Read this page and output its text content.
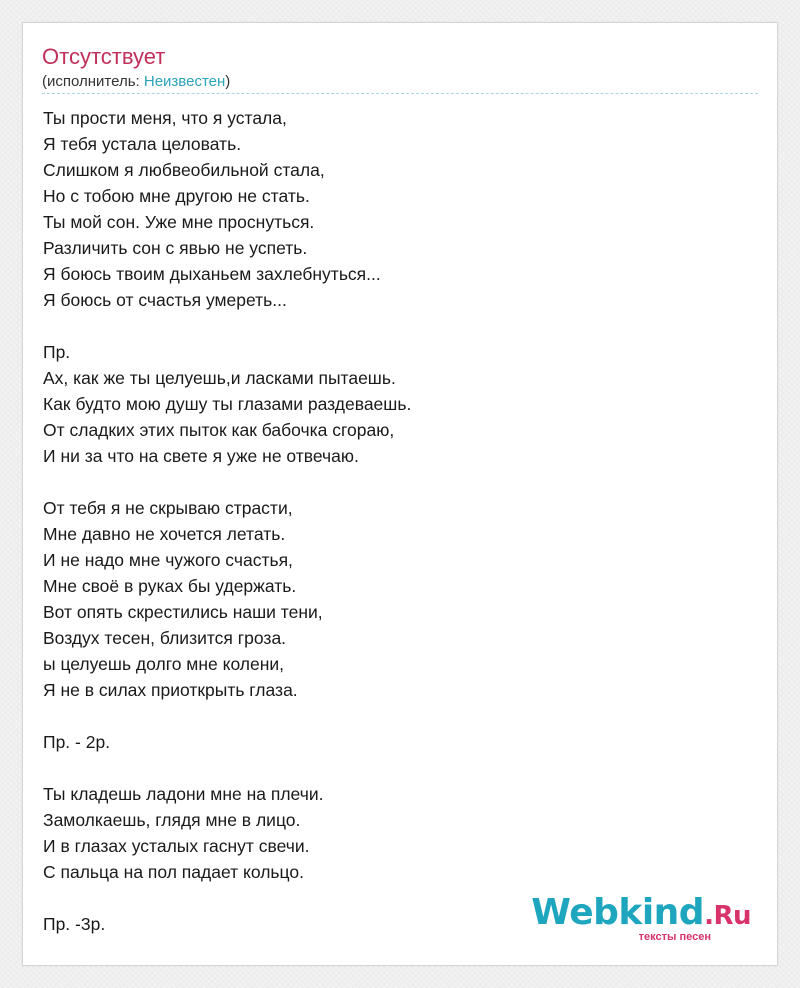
Отсутствует
(исполнитель: Неизвестен)
Ты прости меня, что я устала,
Я тебя устала целовать.
Слишком я любвеобильной стала,
Но с тобою мне другою не стать.
Ты мой сон. Уже мне проснуться.
Различить сон с явью не успеть.
Я боюсь твоим дыханьем захлебнуться...
Я боюсь от счастья умереть...
Пр.
Ах, как же ты целуешь,и ласками пытаешь.
Как будто мою душу ты глазами раздеваешь.
От сладких этих пыток как бабочка сгораю,
И ни за что на свете я уже не отвечаю.
От тебя я не скрываю страсти,
Мне давно не хочется летать.
И не надо мне чужого счастья,
Мне своё в руках бы удержать.
Вот опять скрестились наши тени,
Воздух тесен, близится гроза.
ы целуешь долго мне колени,
Я не в силах приоткрыть глаза.
Пр. - 2р.
Ты кладешь ладони мне на плечи.
Замолкаешь, глядя мне в лицо.
И в глазах усталых гаснут свечи.
С пальца на пол падает кольцо.
Пр. -3р.	Webkind.Ru
тексты песен
